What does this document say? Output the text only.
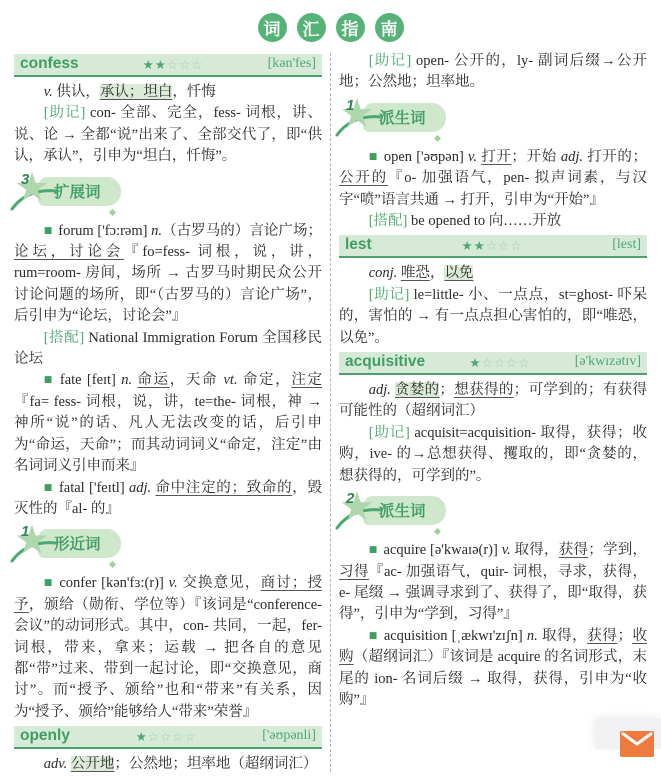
词	汇	指	南
confess	★★☆☆☆	[kən'fes]

v. 供认，承认；坦白，忏悔

[助记] con- 全部、完全，fess- 词根，讲、说、论 → 全都“说”出来了、全部交代了，即“供认，承认”，引申为“坦白，忏悔”。

3
扩展词

■ forum ['fɔ:rəm] n.（古罗马的）言论广场；论坛，讨论会『fo=fess- 词根，说，讲，rum=room- 房间，场所 → 古罗马时期民众公开讨论问题的场所，即“（古罗马的）言论广场”，后引申为“论坛，讨论会”』

[搭配] National Immigration Forum 全国移民论坛

■ fate [feɪt] n. 命运，天命 vt. 命定，注定『fa= fess- 词根，说，讲，te=the- 词根，神 → 神所“说”的话、凡人无法改变的话，后引申为“命运，天命”；而其动词词义“命定，注定”由名词词义引申而来』

■ fatal ['feɪtl] adj. 命中注定的；致命的，毁灭性的『al- 的』

1
形近词

■ confer [kən'fɜ:(r)] v. 交换意见，商讨；授予，颁给（勋衔、学位等）『该词是“conference-会议”的动词形式。其中，con- 共同，一起，fer- 词根，带来，拿来；运载 → 把各自的意见都“带”过来、带到一起讨论，即“交换意见，商讨”。而“授予、颁给”也和“带来”有关系，因为“授予、颁给”能够给人“带来”荣誉』

openly	★☆☆☆☆	['əʊpənli]

adv. 公开地；公然地；坦率地（超纲词汇）

[助记] open- 公开的，ly- 副词后缀→公开地；公然地；坦率地。

1
派生词

■ open ['əʊpən] v. 打开；开始 adj. 打开的；公开的『o- 加强语气，pen- 拟声词素，与汉字“喷”语言共通 → 打开，引申为“开始”』

[搭配] be opened to 向……开放

lest	★★☆☆☆	[lest]

conj. 唯恐，以免

[助记] le=little- 小、一点点，st=ghost- 吓呆的，害怕的 → 有一点点担心害怕的，即“唯恐，以免”。

acquisitive	★☆☆☆☆	[ə'kwɪzətɪv]

adj. 贪婪的；想获得的；可学到的；有获得可能性的（超纲词汇）

[助记] acquisit=acquisition- 取得，获得；收购，ive- 的→总想获得、攫取的，即“贪婪的，想获得的，可学到的”。

2
派生词

■ acquire [ə'kwaɪə(r)] v. 取得，获得；学到，习得『ac- 加强语气，quir- 词根，寻求，获得，e- 尾缀 → 强调寻求到了、获得了，即“取得，获得”，引申为“学到，习得”』

■ acquisition [ˌækwɪ'zɪʃn] n. 取得，获得；收购（超纲词汇）『该词是 acquire 的名词形式，末尾的 ion- 名词后缀 → 取得，获得，引申为“收购”』
